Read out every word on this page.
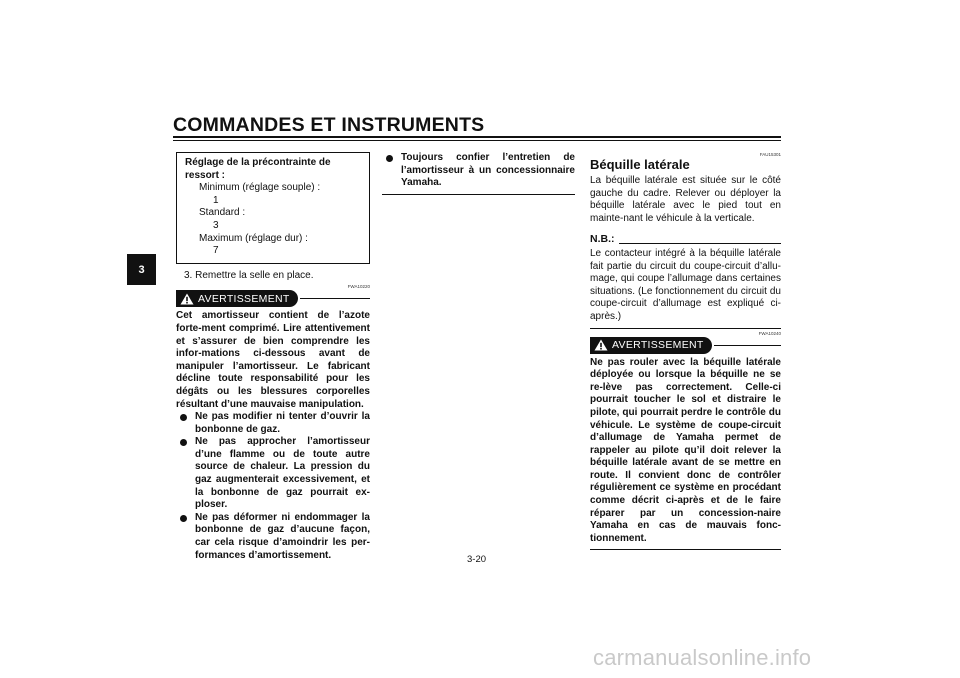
COMMANDES ET INSTRUMENTS
3
Réglage de la précontrainte de ressort :
Minimum (réglage souple) :
1
Standard :
3
Maximum (réglage dur) :
7
3. Remettre la selle en place.
FWA10220
AVERTISSEMENT
Cet amortisseur contient de l’azote forte-ment comprimé. Lire attentivement et s’assurer de bien comprendre les infor-mations ci-dessous avant de manipuler l’amortisseur. Le fabricant décline toute responsabilité pour les dégâts ou les blessures corporelles résultant d’une mauvaise manipulation.
Ne pas modifier ni tenter d’ouvrir la bonbonne de gaz.
Ne pas approcher l’amortisseur d’une flamme ou de toute autre source de chaleur. La pression du gaz augmenterait excessivement, et la bonbonne de gaz pourrait ex-ploser.
Ne pas déformer ni endommager la bonbonne de gaz d’aucune façon, car cela risque d’amoindrir les per-formances d’amortissement.
Toujours confier l’entretien de l’amortisseur à un concessionnaire Yamaha.
FAU15301
Béquille latérale
La béquille latérale est située sur le côté gauche du cadre. Relever ou déployer la béquille latérale avec le pied tout en mainte-nant le véhicule à la verticale.
N.B.:
Le contacteur intégré à la béquille latérale fait partie du circuit du coupe-circuit d’allu-mage, qui coupe l’allumage dans certaines situations. (Le fonctionnement du circuit du coupe-circuit d’allumage est expliqué ci-après.)
FWA10240
AVERTISSEMENT
Ne pas rouler avec la béquille latérale déployée ou lorsque la béquille ne se re-lève pas correctement. Celle-ci pourrait toucher le sol et distraire le pilote, qui pourrait perdre le contrôle du véhicule. Le système de coupe-circuit d’allumage de Yamaha permet de rappeler au pilote qu’il doit relever la béquille latérale avant de se mettre en route. Il convient donc de contrôler régulièrement ce système en procédant comme décrit ci-après et de le faire réparer par un concession-naire Yamaha en cas de mauvais fonc-tionnement.
3-20
carmanualsonline.info
